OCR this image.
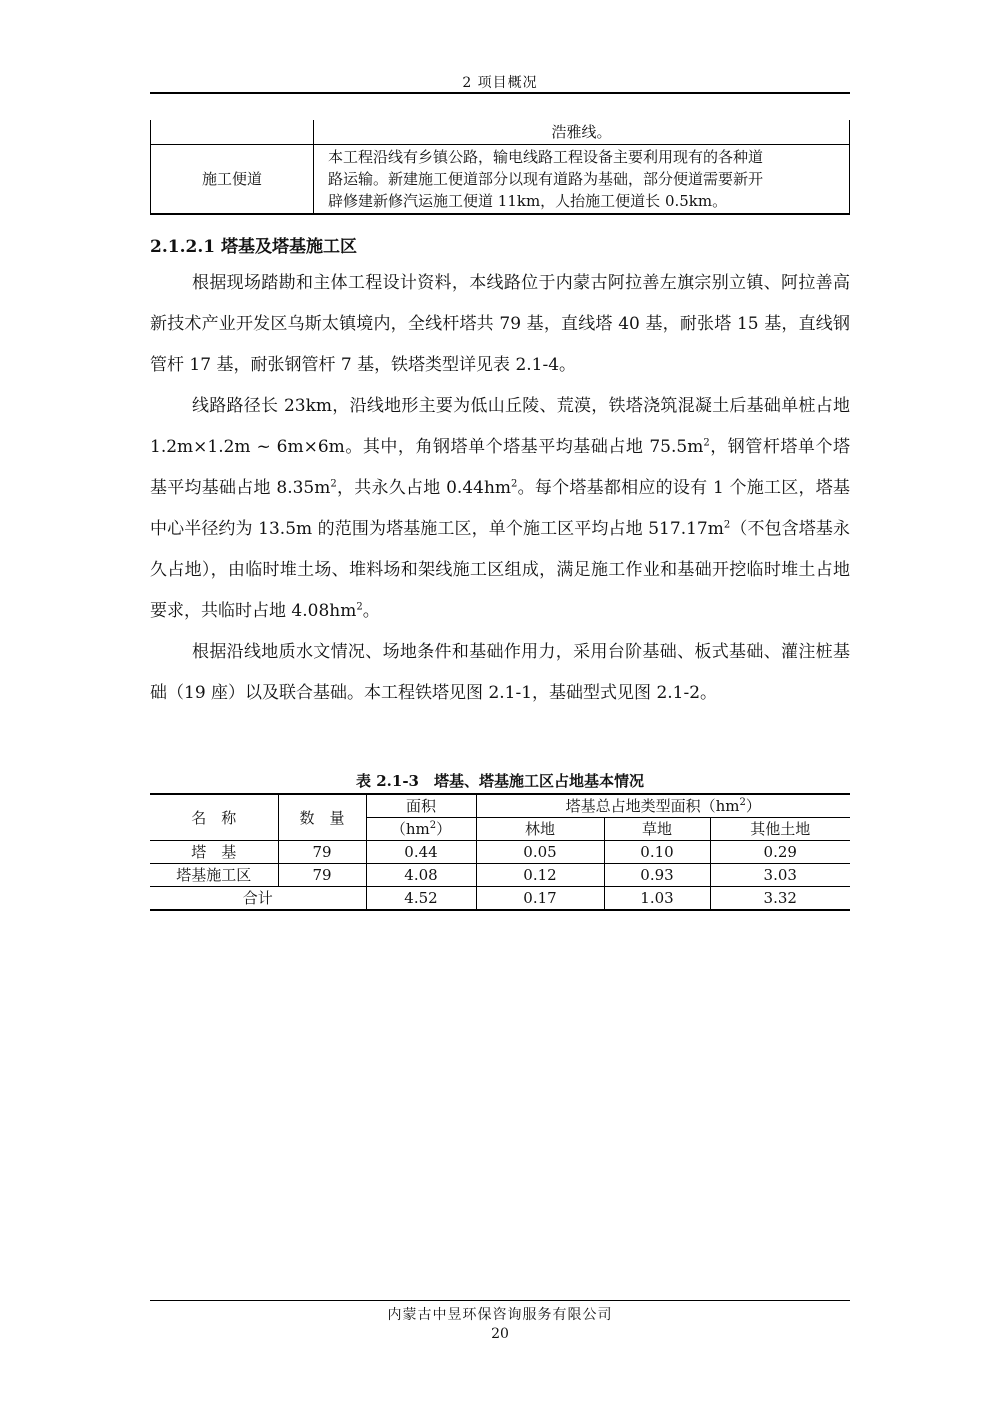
2 项目概况
	浩雅线。
施工便道	本工程沿线有乡镇公路，输电线路工程设备主要利用现有的各种道
路运输。新建施工便道部分以现有道路为基础，部分便道需要新开
辟修建新修汽运施工便道 11km，人抬施工便道长 0.5km。
2.1.2.1 塔基及塔基施工区

根据现场踏勘和主体工程设计资料，本线路位于内蒙古阿拉善左旗宗别立镇、阿拉善高新技术产业开发区乌斯太镇境内，全线杆塔共 79 基，直线塔 40 基，耐张塔 15 基，直线钢管杆 17 基，耐张钢管杆 7 基，铁塔类型详见表 2.1-4。

线路路径长 23km，沿线地形主要为低山丘陵、荒漠，铁塔浇筑混凝土后基础单桩占地 1.2m×1.2m ~ 6m×6m。其中，角钢塔单个塔基平均基础占地 $75.5m^2$，钢管杆塔单个塔基平均基础占地 $8.35m^2$，共永久占地 $0.44hm^2$。每个塔基都相应的设有 1 个施工区，塔基中心半径约为 13.5m 的范围为塔基施工区，单个施工区平均占地 $517.17m^2$（不包含塔基永久占地），由临时堆土场、堆料场和架线施工区组成，满足施工作业和基础开挖临时堆土占地要求，共临时占地 $4.08hm^2$。

根据沿线地质水文情况、场地条件和基础作用力，采用台阶基础、板式基础、灌注桩基础（19 座）以及联合基础。本工程铁塔见图 2.1-1，基础型式见图 2.1-2。

表 2.1-3　塔基、塔基施工区占地基本情况
名　称	数　量	面积	塔基总占地类型面积$(hm^2)$		
		$(hm^2)$	林地	草地	其他土地
塔　基	79	0.44	0.05	0.10	0.29
塔基施工区	79	4.08	0.12	0.93	3.03
合计		4.52	0.17	1.03	3.32
内蒙古中昱环保咨询服务有限公司
20
